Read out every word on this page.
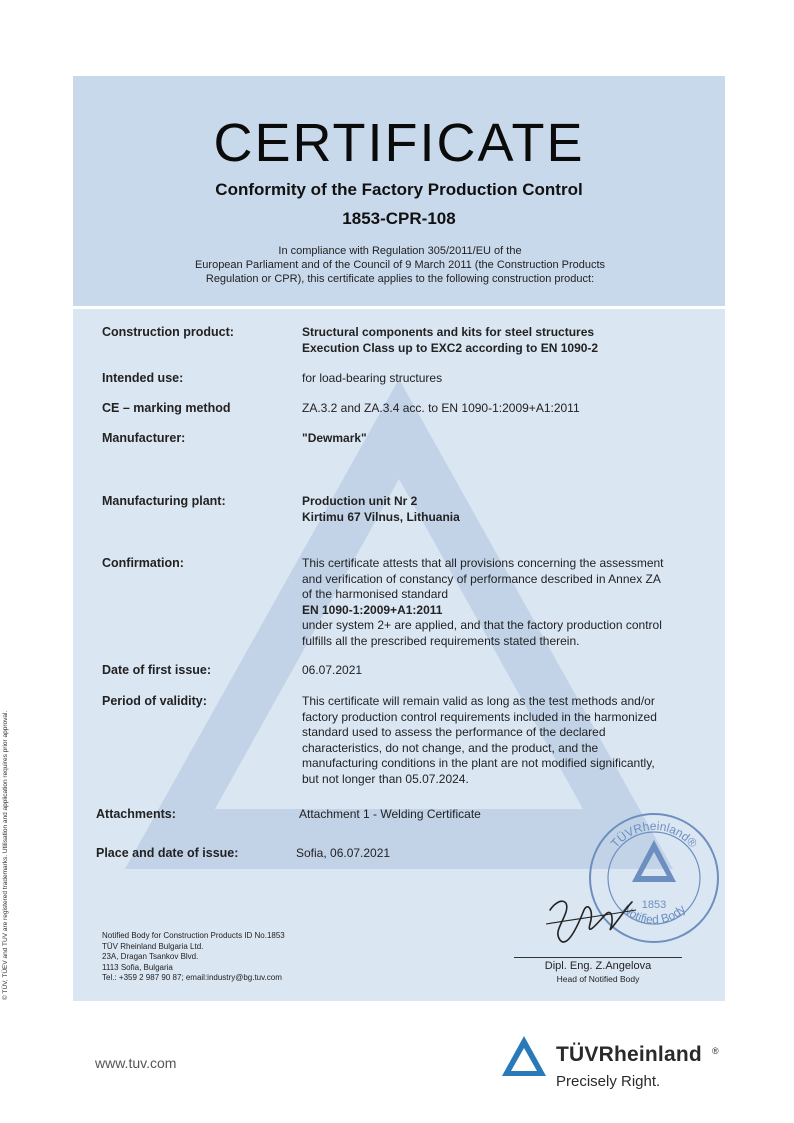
CERTIFICATE
Conformity of the Factory Production Control
1853-CPR-108
In compliance with Regulation 305/2011/EU of the
European Parliament and of the Council of 9 March 2011 (the Construction Products
Regulation or CPR), this certificate applies to the following construction product:
Construction product:	Structural components and kits for steel structures
Execution Class up to EXC2 according to EN 1090-2
Intended use:	for load-bearing structures
CE – marking method	ZA.3.2 and ZA.3.4 acc. to EN 1090-1:2009+A1:2011
Manufacturer:	"Dewmark"
Manufacturing plant:	Production unit Nr 2
Kirtimu 67 Vilnus, Lithuania
Confirmation:	This certificate attests that all provisions concerning the assessment
and verification of constancy of performance described in Annex ZA
of the harmonised standard
EN 1090-1:2009+A1:2011
under system 2+ are applied, and that the factory production control
fulfills all the prescribed requirements stated therein.
Date of first issue:	06.07.2021
Period of validity:	This certificate will remain valid as long as the test methods and/or
factory production control requirements included in the harmonized
standard used to assess the performance of the declared
characteristics, do not change, and the product, and the
manufacturing conditions in the plant are not modified significantly,
but not longer than 05.07.2024.
Attachments:	Attachment 1 - Welding Certificate
Place and date of issue:	Sofia, 06.07.2021
TÜVRheinland®
Notified Body
1853
Dipl. Eng. Z.Angelova
Head of Notified Body
Notified Body for Construction Products ID No.1853
TÜV Rheinland Bulgaria Ltd.
23A, Dragan Tsankov Blvd.
1113 Sofia, Bulgaria
Tel.: +359 2 987 90 87; email:industry@bg.tuv.com
© TÜV, TÜEV and TUV are registered trademarks. Utilisation and application requires prior approval.
www.tuv.com	TÜVRheinland ®
Precisely Right.
